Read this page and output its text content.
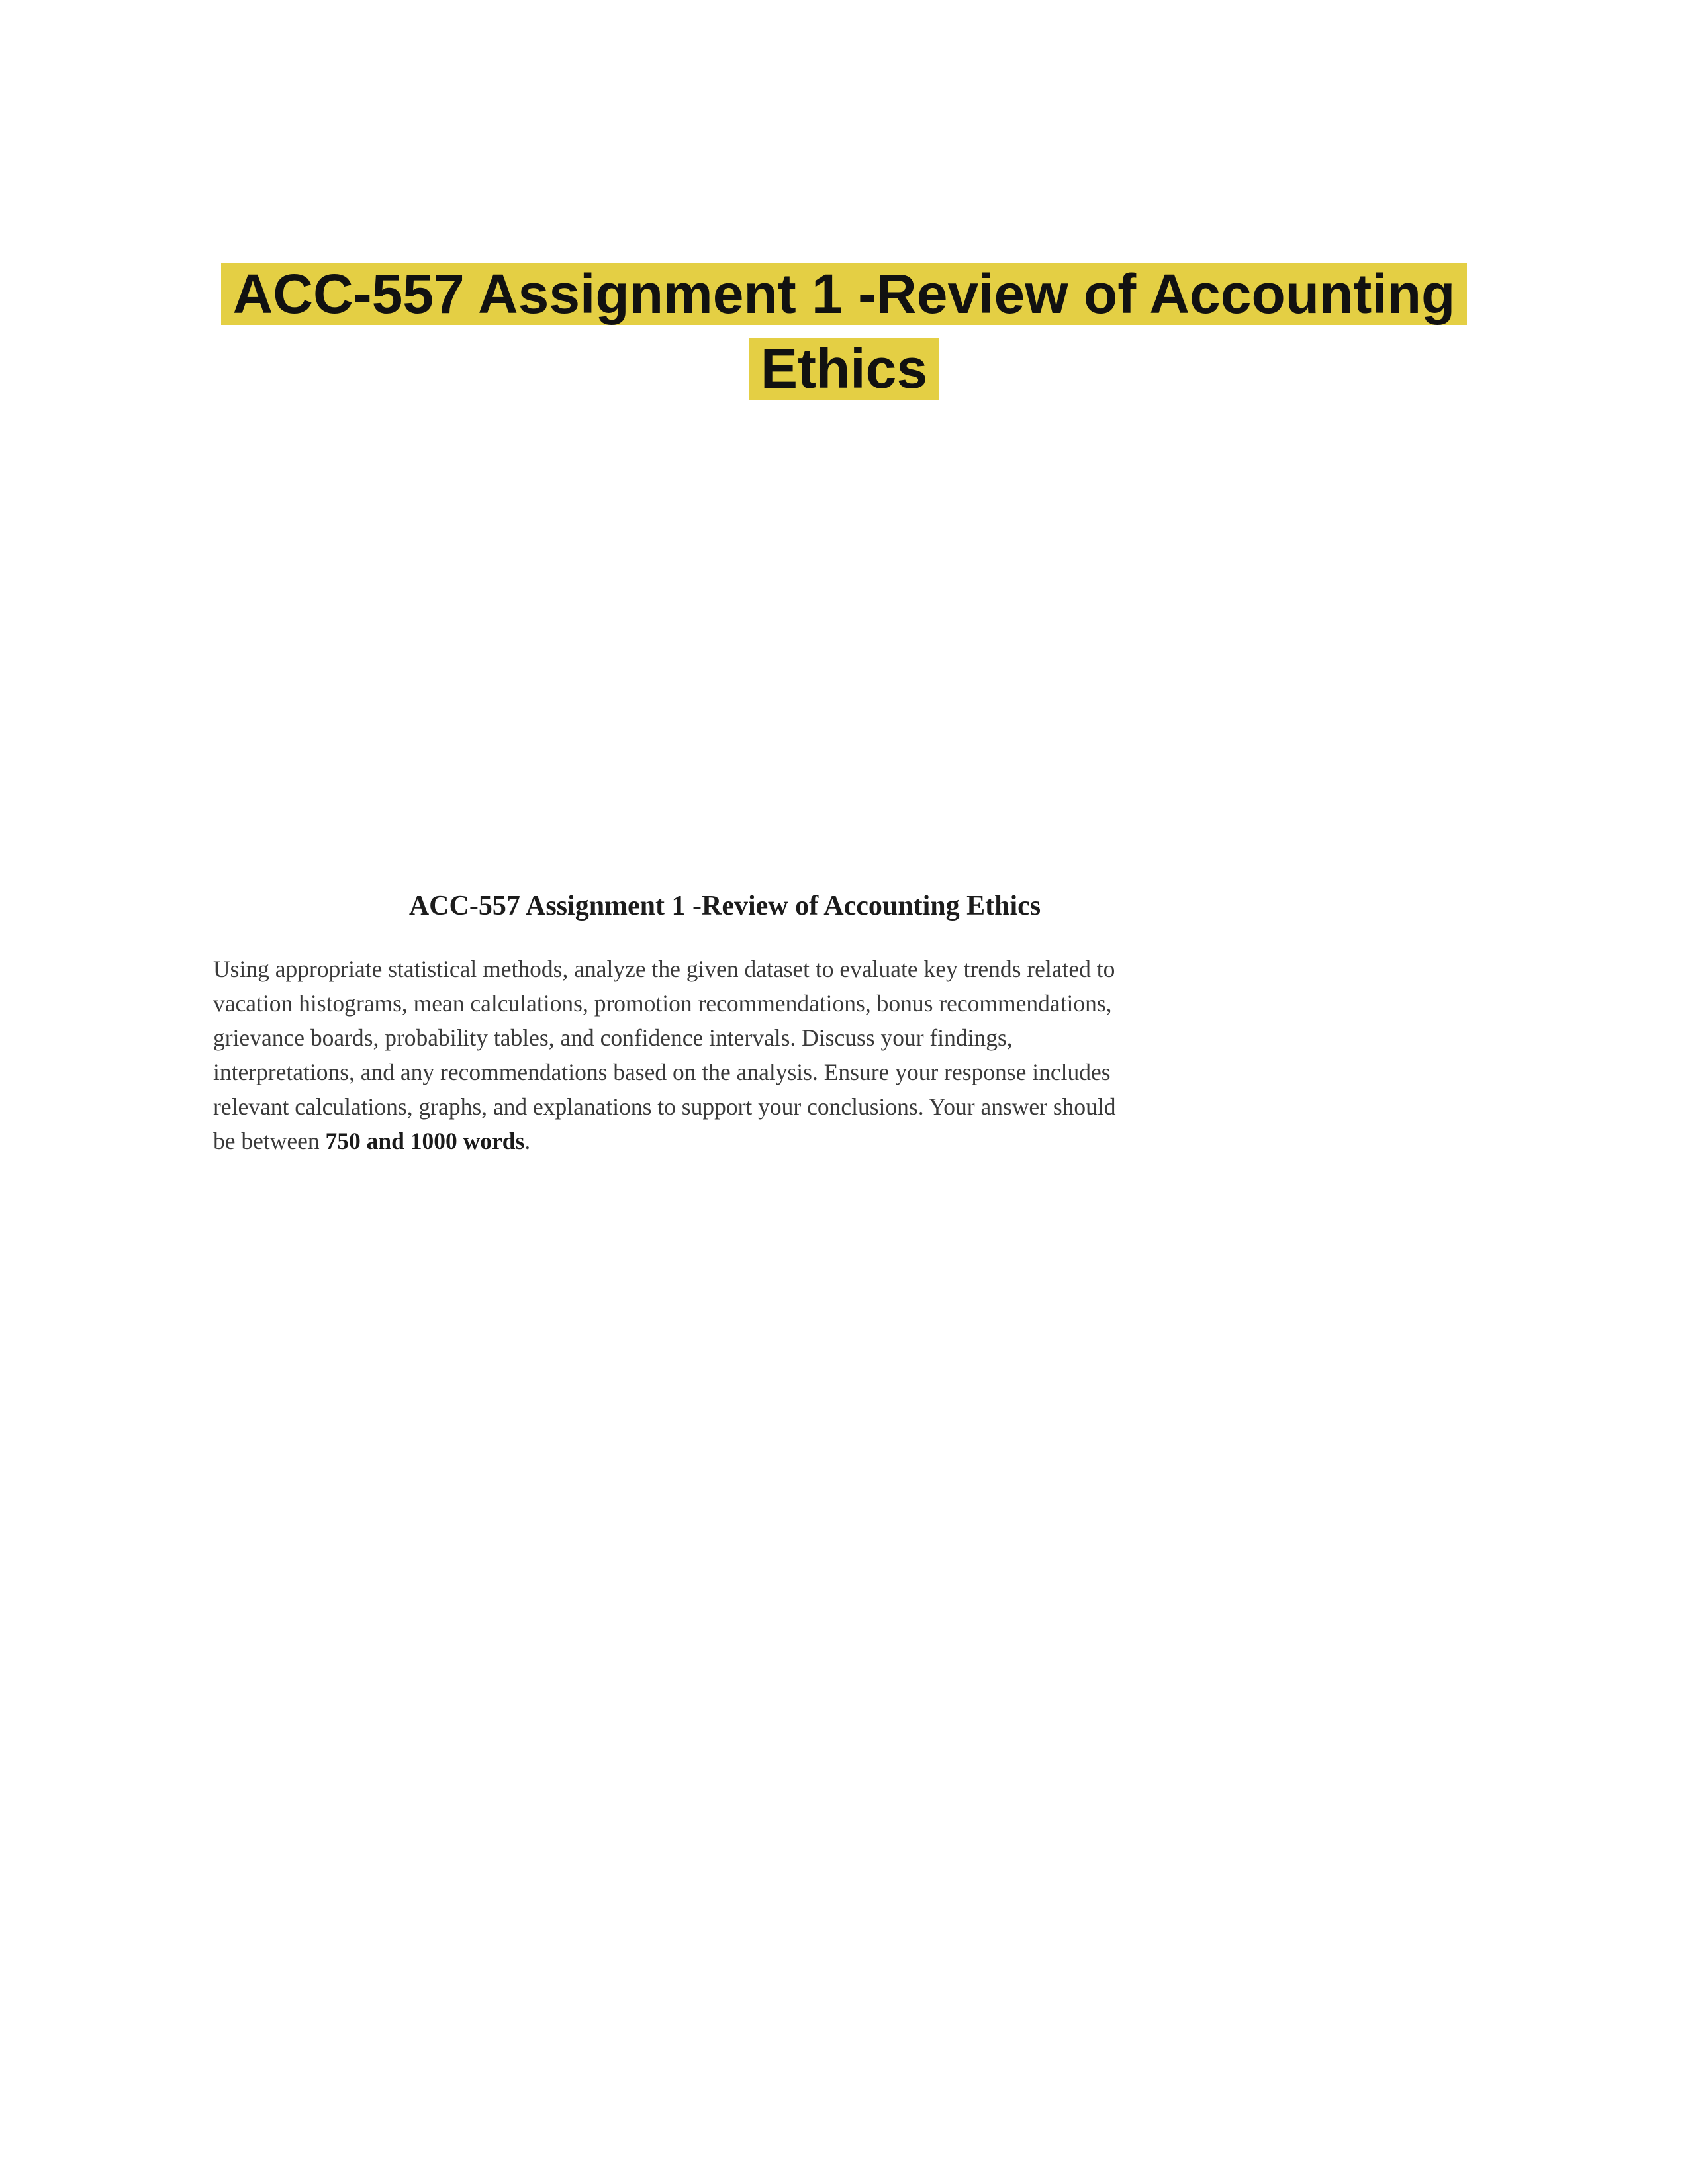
ACC-557 Assignment 1 -Review of Accounting
Ethics

ACC-557 Assignment 1 -Review of Accounting Ethics

Using appropriate statistical methods, analyze the given dataset to evaluate key trends related to
vacation histograms, mean calculations, promotion recommendations, bonus recommendations,
grievance boards, probability tables, and confidence intervals. Discuss your findings,
interpretations, and any recommendations based on the analysis. Ensure your response includes
relevant calculations, graphs, and explanations to support your conclusions. Your answer should
be between 750 and 1000 words.
